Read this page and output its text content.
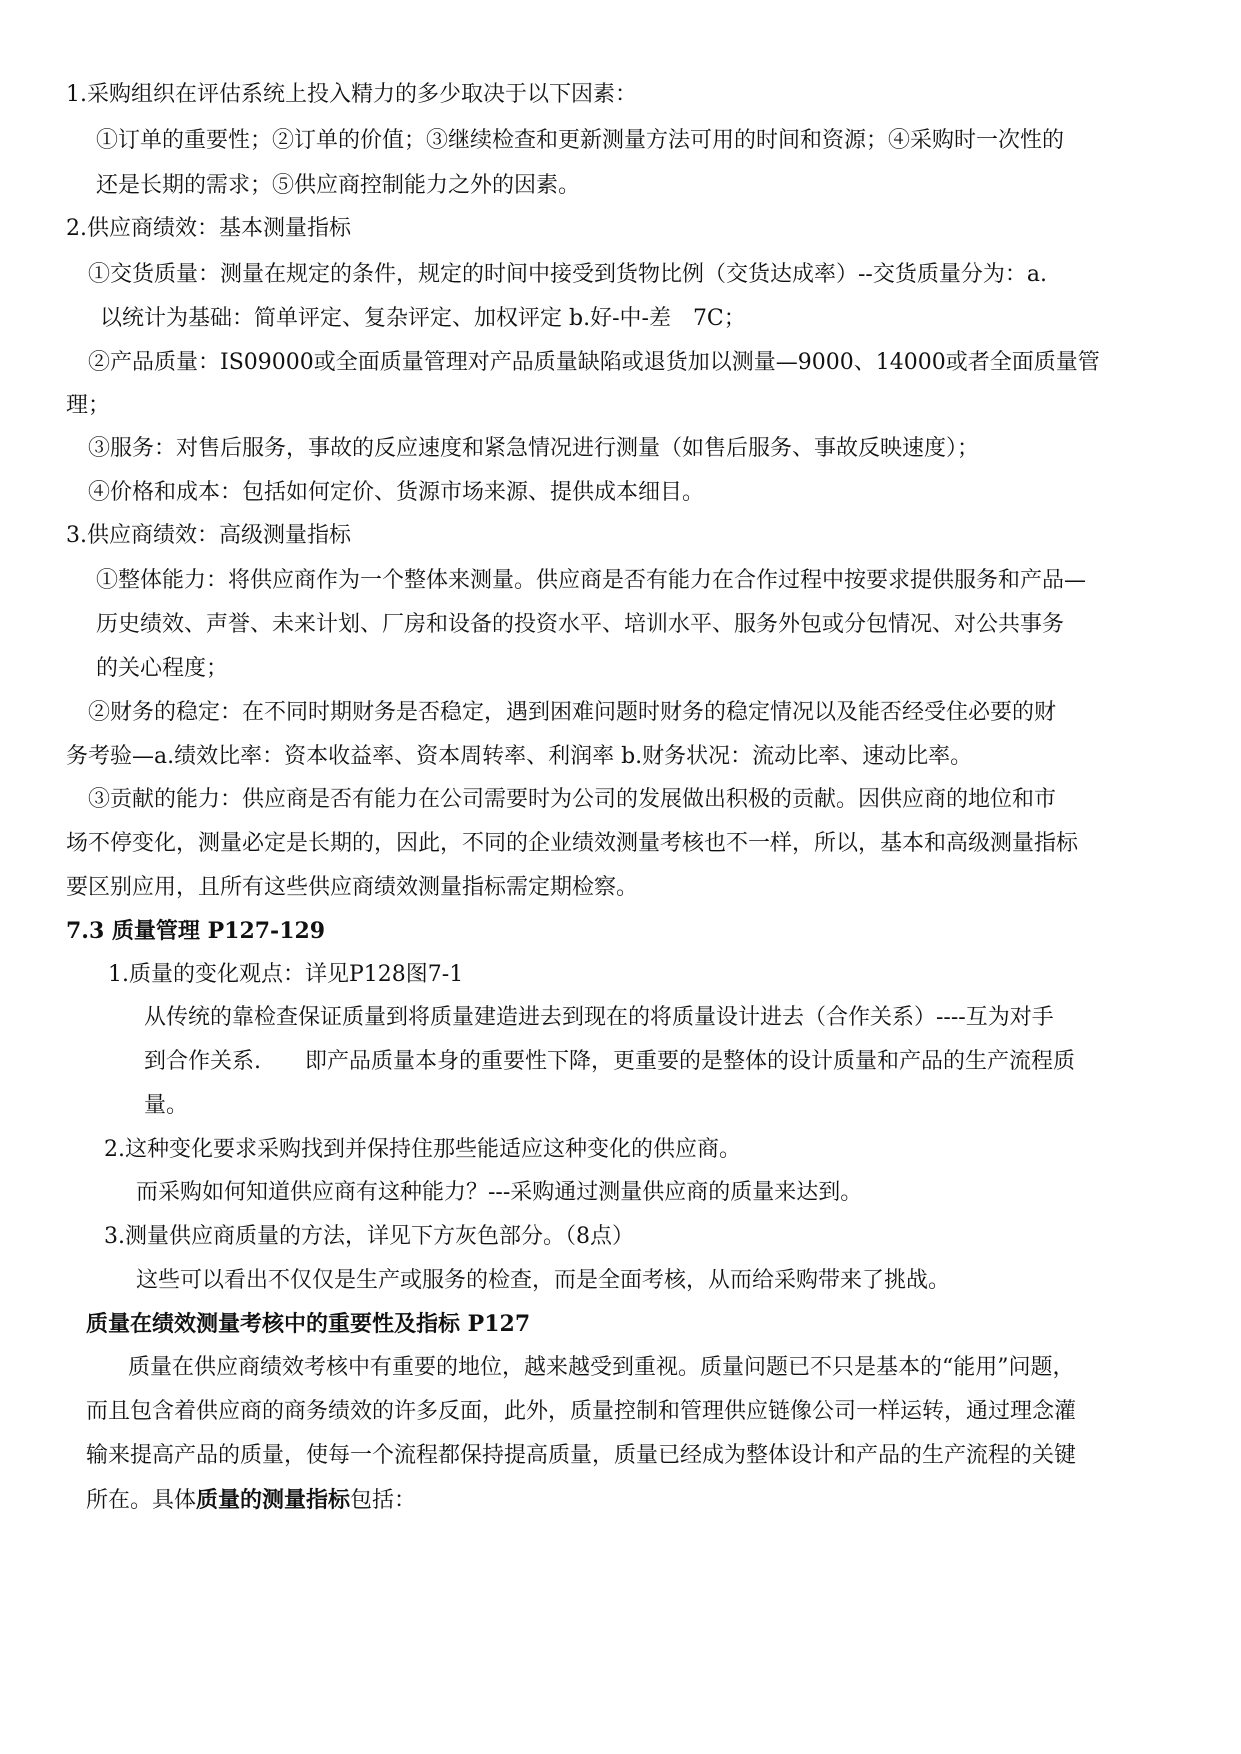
1.采购组织在评估系统上投入精力的多少取决于以下因素：
①订单的重要性；②订单的价值；③继续检查和更新测量方法可用的时间和资源；④采购时一次性的
还是长期的需求；⑤供应商控制能力之外的因素。
2.供应商绩效：基本测量指标
①交货质量：测量在规定的条件，规定的时间中接受到货物比例（交货达成率）--交货质量分为：a.
以统计为基础：简单评定、复杂评定、加权评定 b.好-中-差　7C；
②产品质量：IS09000或全面质量管理对产品质量缺陷或退货加以测量—9000、14000或者全面质量管
理；
③服务：对售后服务，事故的反应速度和紧急情况进行测量（如售后服务、事故反映速度）；
④价格和成本：包括如何定价、货源市场来源、提供成本细目。
3.供应商绩效：高级测量指标
①整体能力：将供应商作为一个整体来测量。供应商是否有能力在合作过程中按要求提供服务和产品—
历史绩效、声誉、未来计划、厂房和设备的投资水平、培训水平、服务外包或分包情况、对公共事务
的关心程度；
②财务的稳定：在不同时期财务是否稳定，遇到困难问题时财务的稳定情况以及能否经受住必要的财
务考验—a.绩效比率：资本收益率、资本周转率、利润率 b.财务状况：流动比率、速动比率。
③贡献的能力：供应商是否有能力在公司需要时为公司的发展做出积极的贡献。因供应商的地位和市
场不停变化，测量必定是长期的，因此，不同的企业绩效测量考核也不一样，所以，基本和高级测量指标
要区别应用，且所有这些供应商绩效测量指标需定期检察。
7.3 质量管理 P127-129
1.质量的变化观点：详见P128图7-1
从传统的靠检查保证质量到将质量建造进去到现在的将质量设计进去（合作关系）----互为对手
到合作关系.　　即产品质量本身的重要性下降，更重要的是整体的设计质量和产品的生产流程质
量。
2.这种变化要求采购找到并保持住那些能适应这种变化的供应商。
而采购如何知道供应商有这种能力？---采购通过测量供应商的质量来达到。
3.测量供应商质量的方法，详见下方灰色部分。（8点）
这些可以看出不仅仅是生产或服务的检查，而是全面考核，从而给采购带来了挑战。
质量在绩效测量考核中的重要性及指标 P127
质量在供应商绩效考核中有重要的地位，越来越受到重视。质量问题已不只是基本的“能用”问题，
而且包含着供应商的商务绩效的许多反面，此外，质量控制和管理供应链像公司一样运转，通过理念灌
输来提高产品的质量，使每一个流程都保持提高质量，质量已经成为整体设计和产品的生产流程的关键
所在。具体质量的测量指标包括：
